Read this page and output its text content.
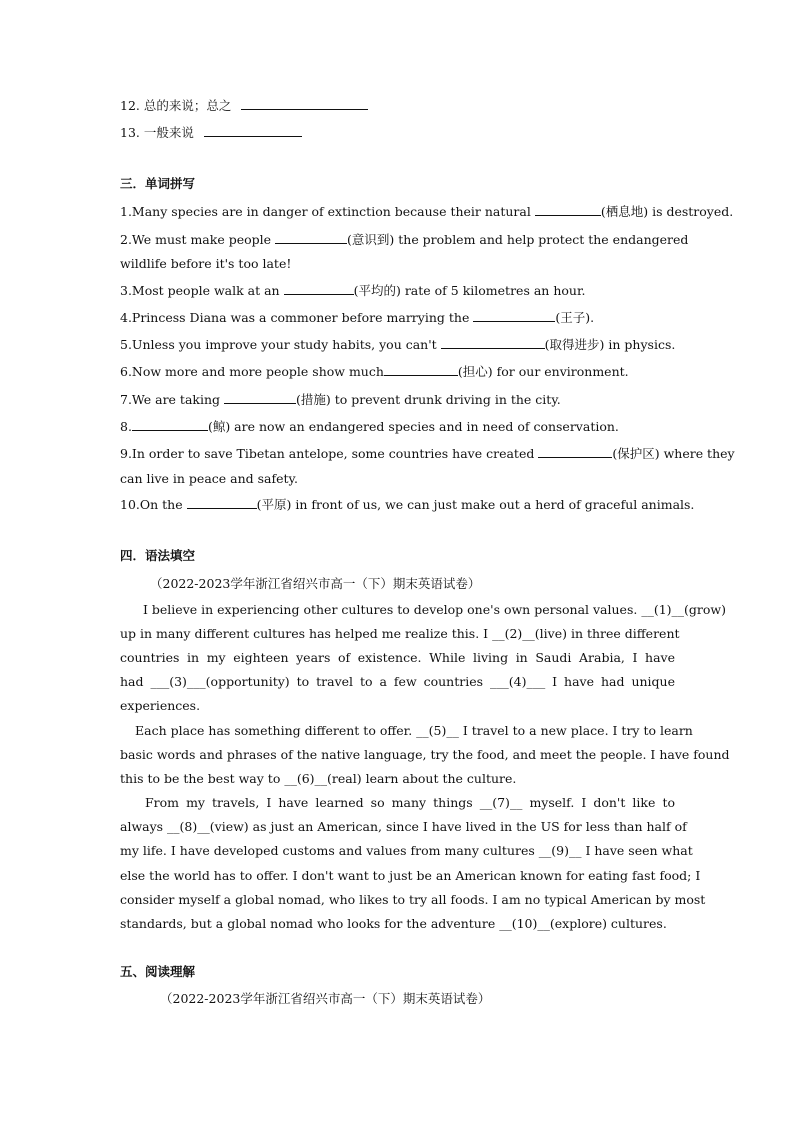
12. 总的来说；总之
13. 一般来说
三．单词拼写
1.Many species are in danger of extinction because their natural	(栖息地) is destroyed.
2.We must make people	(意识到) the problem and help protect the endangered
wildlife before it's too late!
3.Most people walk at an	(平均的) rate of 5 kilometres an hour.
4.Princess Diana was a commoner before marrying the	(王子).
5.Unless you improve your study habits, you can't	(取得进步) in physics.
6.Now more and more people show much	(担心) for our environment.
7.We are taking	(措施) to prevent drunk driving in the city.
8.	(鲸) are now an endangered species and in need of conservation.
9.In order to save Tibetan antelope, some countries have created	(保护区) where they
can live in peace and safety.
10.On the	(平原) in front of us, we can just make out a herd of graceful animals.
四．语法填空
（2022-2023学年浙江省绍兴市高一（下）期末英语试卷）
I believe in experiencing other cultures to develop one's own personal values. __(1)__(grow)
up in many different cultures has helped me realize this. I __(2)__(live) in three different
countries in my eighteen years of existence. While living in Saudi Arabia, I have
had ___(3)___(opportunity) to travel to a few countries ___(4)___ I have had unique
experiences.
Each place has something different to offer. __(5)__ I travel to a new place. I try to learn
basic words and phrases of the native language, try the food, and meet the people. I have found
this to be the best way to __(6)__(real) learn about the culture.
From my travels, I have learned so many things __(7)__ myself. I don't like to
always __(8)__(view) as just an American, since I have lived in the US for less than half of
my life. I have developed customs and values from many cultures __(9)__ I have seen what
else the world has to offer. I don't want to just be an American known for eating fast food; I
consider myself a global nomad, who likes to try all foods. I am no typical American by most
standards, but a global nomad who looks for the adventure __(10)__(explore) cultures.
五、阅读理解
（2022-2023学年浙江省绍兴市高一（下）期末英语试卷）
